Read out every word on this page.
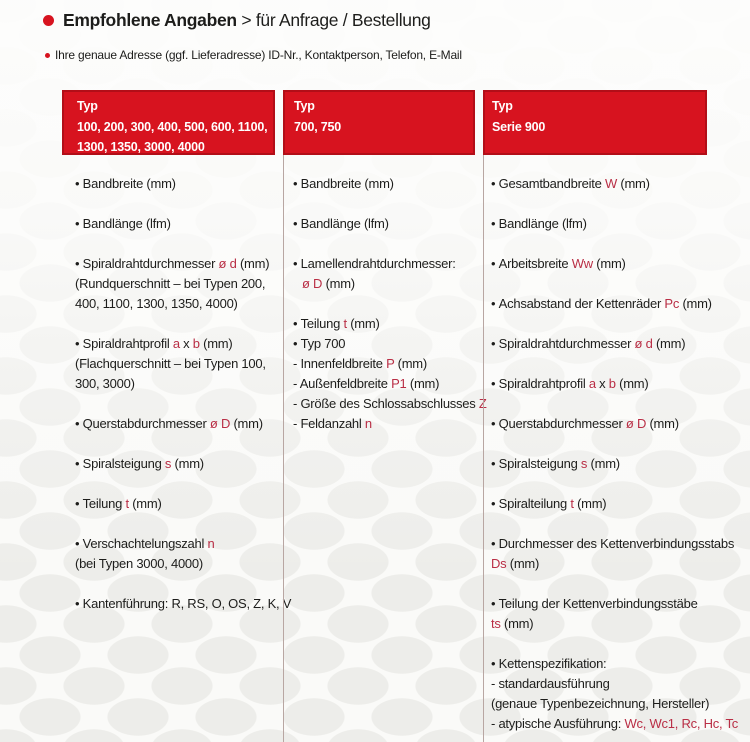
Empfohlene Angaben > für Anfrage / Bestellung
Ihre genaue Adresse (ggf. Lieferadresse) ID-Nr., Kontaktperson, Telefon, E-Mail
Typ
100, 200, 300, 400, 500, 600, 1100,
1300, 1350, 3000, 4000
Typ
700, 750
Typ
Serie 900
• Bandbreite (mm)
• Bandlänge (lfm)
• Spiraldrahtdurchmesser ø d (mm)
(Rundquerschnitt – bei Typen 200,
400, 1100, 1300, 1350, 4000)
• Spiraldrahtprofil a x b (mm)
(Flachquerschnitt – bei Typen 100,
300, 3000)
• Querstabdurchmesser ø D (mm)
• Spiralsteigung s (mm)
• Teilung t (mm)
• Verschachtelungszahl n
(bei Typen 3000, 4000)
• Kantenführung: R, RS, O, OS, Z, K, V
• Bandbreite (mm)
• Bandlänge (lfm)
• Lamellendrahtdurchmesser:
ø D (mm)
• Teilung t (mm)
• Typ 700
- Innenfeldbreite P (mm)
- Außenfeldbreite P1 (mm)
- Größe des Schlossabschlusses Z
- Feldanzahl n
• Gesamtbandbreite W (mm)
• Bandlänge (lfm)
• Arbeitsbreite Ww (mm)
• Achsabstand der Kettenräder Pc (mm)
• Spiraldrahtdurchmesser ø d (mm)
• Spiraldrahtprofil a x b (mm)
• Querstabdurchmesser ø D (mm)
• Spiralsteigung s (mm)
• Spiralteilung t (mm)
• Durchmesser des Kettenverbindungsstabs
Ds (mm)
• Teilung der Kettenverbindungsstäbe
ts (mm)
• Kettenspezifikation:
- standardausführung
(genaue Typenbezeichnung, Hersteller)
- atypische Ausführung: Wc, Wc1, Rc, Hc, Tc
